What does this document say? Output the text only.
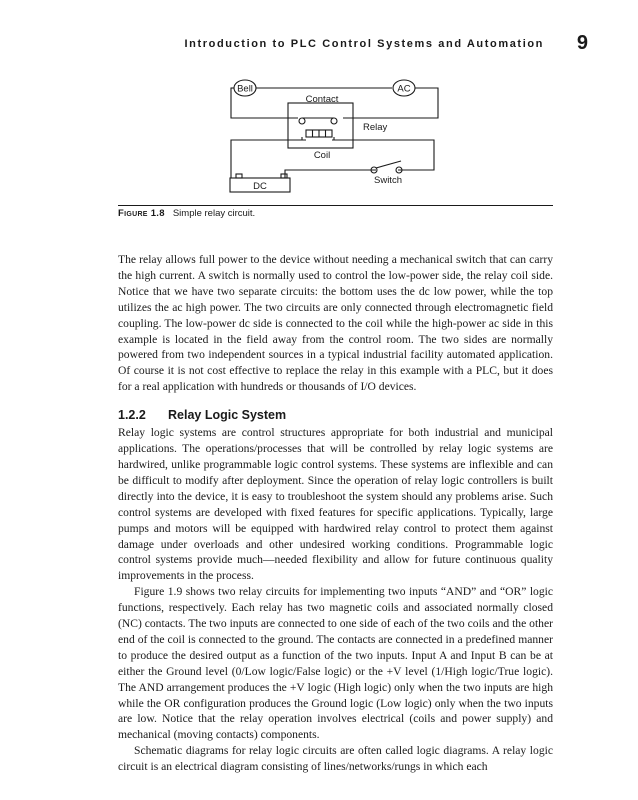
Introduction to PLC Control Systems and Automation 9
Bell	AC
Contact
Relay
Coil
Switch
DC
Figure 1.8 Simple relay circuit.

The relay allows full power to the device without needing a mechanical switch that can carry the high current. A switch is normally used to control the low-power side, the relay coil side. Notice that we have two separate circuits: the bottom uses the dc low power, while the top utilizes the ac high power. The two circuits are only connected through electromagnetic field coupling. The low-power dc side is connected to the coil while the high-power ac side in this example is located in the field away from the control room. The two sides are normally powered from two independent sources in a typical industrial facility automated application. Of course it is not cost effective to replace the relay in this example with a PLC, but it does for a real application with hundreds or thousands of I/O devices.

1.2.2 Relay Logic System

Relay logic systems are control structures appropriate for both industrial and municipal applications. The operations/processes that will be controlled by relay logic systems are hardwired, unlike programmable logic control systems. These systems are inflexible and can be difficult to modify after deployment. Since the operation of relay logic controllers is built directly into the device, it is easy to troubleshoot the system should any problems arise. Such control systems are developed with fixed features for specific applications. Typically, large pumps and motors will be equipped with hardwired relay control to protect them against damage under overloads and other undesired working conditions. Programmable logic control systems provide much—needed flexibility and allow for future continuous quality improvements in the process.

Figure 1.9 shows two relay circuits for implementing two inputs “AND” and “OR” logic functions, respectively. Each relay has two magnetic coils and associated normally closed (NC) contacts. The two inputs are connected to one side of each of the two coils and the other end of the coil is connected to the ground. The contacts are connected in a predefined manner to produce the desired output as a function of the two inputs. Input A and Input B can be at either the Ground level (0/Low logic/False logic) or the +V level (1/High logic/True logic). The AND arrangement produces the +V logic (High logic) only when the two inputs are high while the OR configuration produces the Ground logic (Low logic) only when the two inputs are low. Notice that the relay operation involves electrical (coils and power supply) and mechanical (moving contacts) components.

Schematic diagrams for relay logic circuits are often called logic diagrams. A relay logic circuit is an electrical diagram consisting of lines/networks/rungs in which each
